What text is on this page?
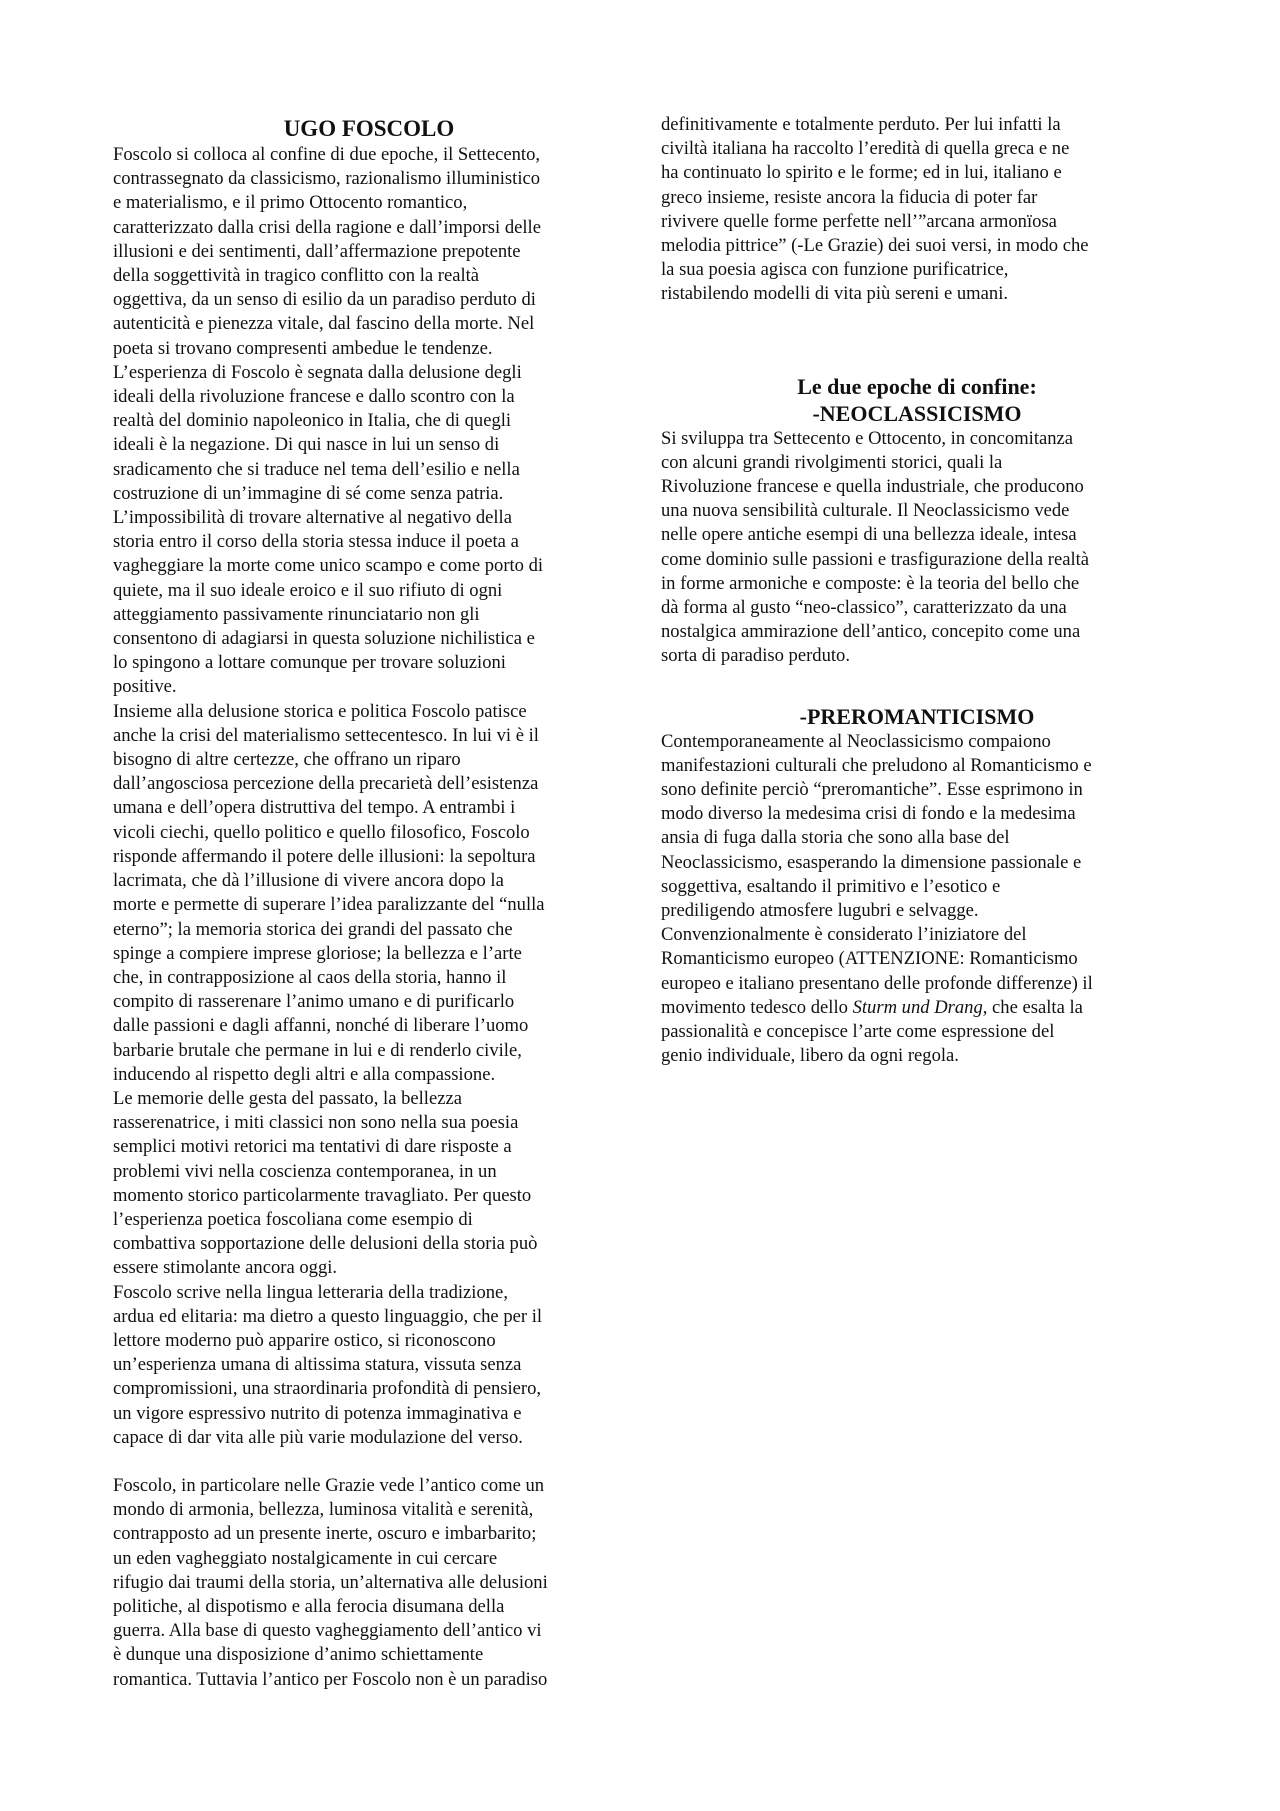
UGO FOSCOLO
Foscolo si colloca al confine di due epoche, il Settecento,
contrassegnato da classicismo, razionalismo illuministico
e materialismo, e il primo Ottocento romantico,
caratterizzato dalla crisi della ragione e dall’imporsi delle
illusioni e dei sentimenti, dall’affermazione prepotente
della soggettività in tragico conflitto con la realtà
oggettiva, da un senso di esilio da un paradiso perduto di
autenticità e pienezza vitale, dal fascino della morte. Nel
poeta si trovano compresenti ambedue le tendenze.
L’esperienza di Foscolo è segnata dalla delusione degli
ideali della rivoluzione francese e dallo scontro con la
realtà del dominio napoleonico in Italia, che di quegli
ideali è la negazione. Di qui nasce in lui un senso di
sradicamento che si traduce nel tema dell’esilio e nella
costruzione di un’immagine di sé come senza patria.
L’impossibilità di trovare alternative al negativo della
storia entro il corso della storia stessa induce il poeta a
vagheggiare la morte come unico scampo e come porto di
quiete, ma il suo ideale eroico e il suo rifiuto di ogni
atteggiamento passivamente rinunciatario non gli
consentono di adagiarsi in questa soluzione nichilistica e
lo spingono a lottare comunque per trovare soluzioni
positive.
Insieme alla delusione storica e politica Foscolo patisce
anche la crisi del materialismo settecentesco. In lui vi è il
bisogno di altre certezze, che offrano un riparo
dall’angosciosa percezione della precarietà dell’esistenza
umana e dell’opera distruttiva del tempo. A entrambi i
vicoli ciechi, quello politico e quello filosofico, Foscolo
risponde affermando il potere delle illusioni: la sepoltura
lacrimata, che dà l’illusione di vivere ancora dopo la
morte e permette di superare l’idea paralizzante del “nulla
eterno”; la memoria storica dei grandi del passato che
spinge a compiere imprese gloriose; la bellezza e l’arte
che, in contrapposizione al caos della storia, hanno il
compito di rasserenare l’animo umano e di purificarlo
dalle passioni e dagli affanni, nonché di liberare l’uomo
barbarie brutale che permane in lui e di renderlo civile,
inducendo al rispetto degli altri e alla compassione.
Le memorie delle gesta del passato, la bellezza
rasserenatrice, i miti classici non sono nella sua poesia
semplici motivi retorici ma tentativi di dare risposte a
problemi vivi nella coscienza contemporanea, in un
momento storico particolarmente travagliato. Per questo
l’esperienza poetica foscoliana come esempio di
combattiva sopportazione delle delusioni della storia può
essere stimolante ancora oggi.
Foscolo scrive nella lingua letteraria della tradizione,
ardua ed elitaria: ma dietro a questo linguaggio, che per il
lettore moderno può apparire ostico, si riconoscono
un’esperienza umana di altissima statura, vissuta senza
compromissioni, una straordinaria profondità di pensiero,
un vigore espressivo nutrito di potenza immaginativa e
capace di dar vita alle più varie modulazione del verso.
Foscolo, in particolare nelle Grazie vede l’antico come un
mondo di armonia, bellezza, luminosa vitalità e serenità,
contrapposto ad un presente inerte, oscuro e imbarbarito;
un eden vagheggiato nostalgicamente in cui cercare
rifugio dai traumi della storia, un’alternativa alle delusioni
politiche, al dispotismo e alla ferocia disumana della
guerra. Alla base di questo vagheggiamento dell’antico vi
è dunque una disposizione d’animo schiettamente
romantica. Tuttavia l’antico per Foscolo non è un paradiso
definitivamente e totalmente perduto. Per lui infatti la
civiltà italiana ha raccolto l’eredità di quella greca e ne
ha continuato lo spirito e le forme; ed in lui, italiano e
greco insieme, resiste ancora la fiducia di poter far
rivivere quelle forme perfette nell’”arcana armonïosa
melodia pittrice” (-Le Grazie) dei suoi versi, in modo che
la sua poesia agisca con funzione purificatrice,
ristabilendo modelli di vita più sereni e umani.
Le due epoche di confine:
-NEOCLASSICISMO
Si sviluppa tra Settecento e Ottocento, in concomitanza
con alcuni grandi rivolgimenti storici, quali la
Rivoluzione francese e quella industriale, che producono
una nuova sensibilità culturale. Il Neoclassicismo vede
nelle opere antiche esempi di una bellezza ideale, intesa
come dominio sulle passioni e trasfigurazione della realtà
in forme armoniche e composte: è la teoria del bello che
dà forma al gusto “neo-classico”, caratterizzato da una
nostalgica ammirazione dell’antico, concepito come una
sorta di paradiso perduto.
-PREROMANTICISMO
Contemporaneamente al Neoclassicismo compaiono
manifestazioni culturali che preludono al Romanticismo e
sono definite perciò “preromantiche”. Esse esprimono in
modo diverso la medesima crisi di fondo e la medesima
ansia di fuga dalla storia che sono alla base del
Neoclassicismo, esasperando la dimensione passionale e
soggettiva, esaltando il primitivo e l’esotico e
prediligendo atmosfere lugubri e selvagge.
Convenzionalmente è considerato l’iniziatore del
Romanticismo europeo (ATTENZIONE: Romanticismo
europeo e italiano presentano delle profonde differenze) il
movimento tedesco dello Sturm und Drang, che esalta la
passionalità e concepisce l’arte come espressione del
genio individuale, libero da ogni regola.
